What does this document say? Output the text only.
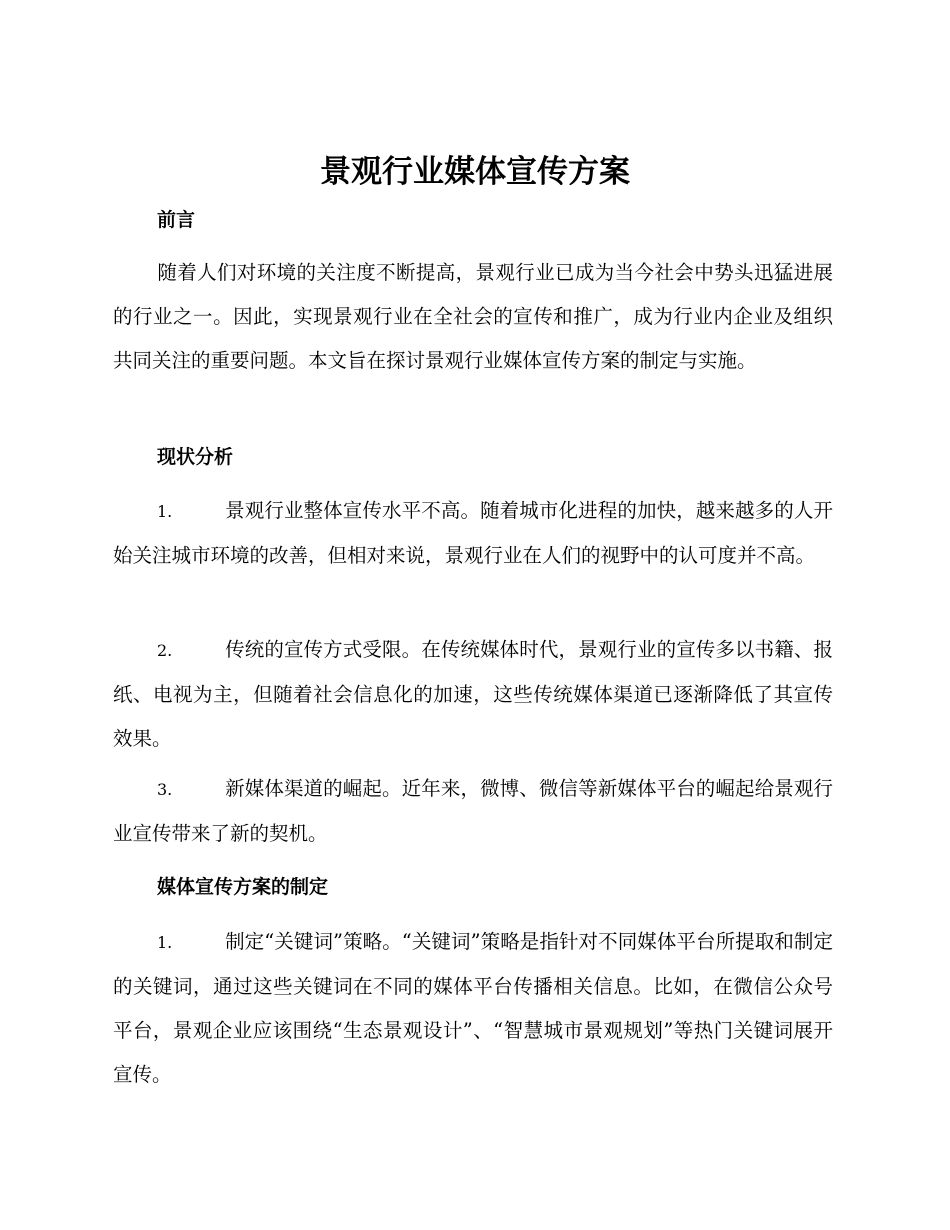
景观行业媒体宣传方案
前言

随着人们对环境的关注度不断提高，景观行业已成为当今社会中势头迅猛进展的行业之一。因此，实现景观行业在全社会的宣传和推广，成为行业内企业及组织共同关注的重要问题。本文旨在探讨景观行业媒体宣传方案的制定与实施。

现状分析

1.	景观行业整体宣传水平不高。随着城市化进程的加快，越来越多的人开始关注城市环境的改善，但相对来说，景观行业在人们的视野中的认可度并不高。

2.	传统的宣传方式受限。在传统媒体时代，景观行业的宣传多以书籍、报纸、电视为主，但随着社会信息化的加速，这些传统媒体渠道已逐渐降低了其宣传效果。

3.	新媒体渠道的崛起。近年来，微博、微信等新媒体平台的崛起给景观行业宣传带来了新的契机。

媒体宣传方案的制定

1.	制定“关键词”策略。“关键词”策略是指针对不同媒体平台所提取和制定的关键词，通过这些关键词在不同的媒体平台传播相关信息。比如，在微信公众号平台，景观企业应该围绕“生态景观设计”、“智慧城市景观规划”等热门关键词展开宣传。
